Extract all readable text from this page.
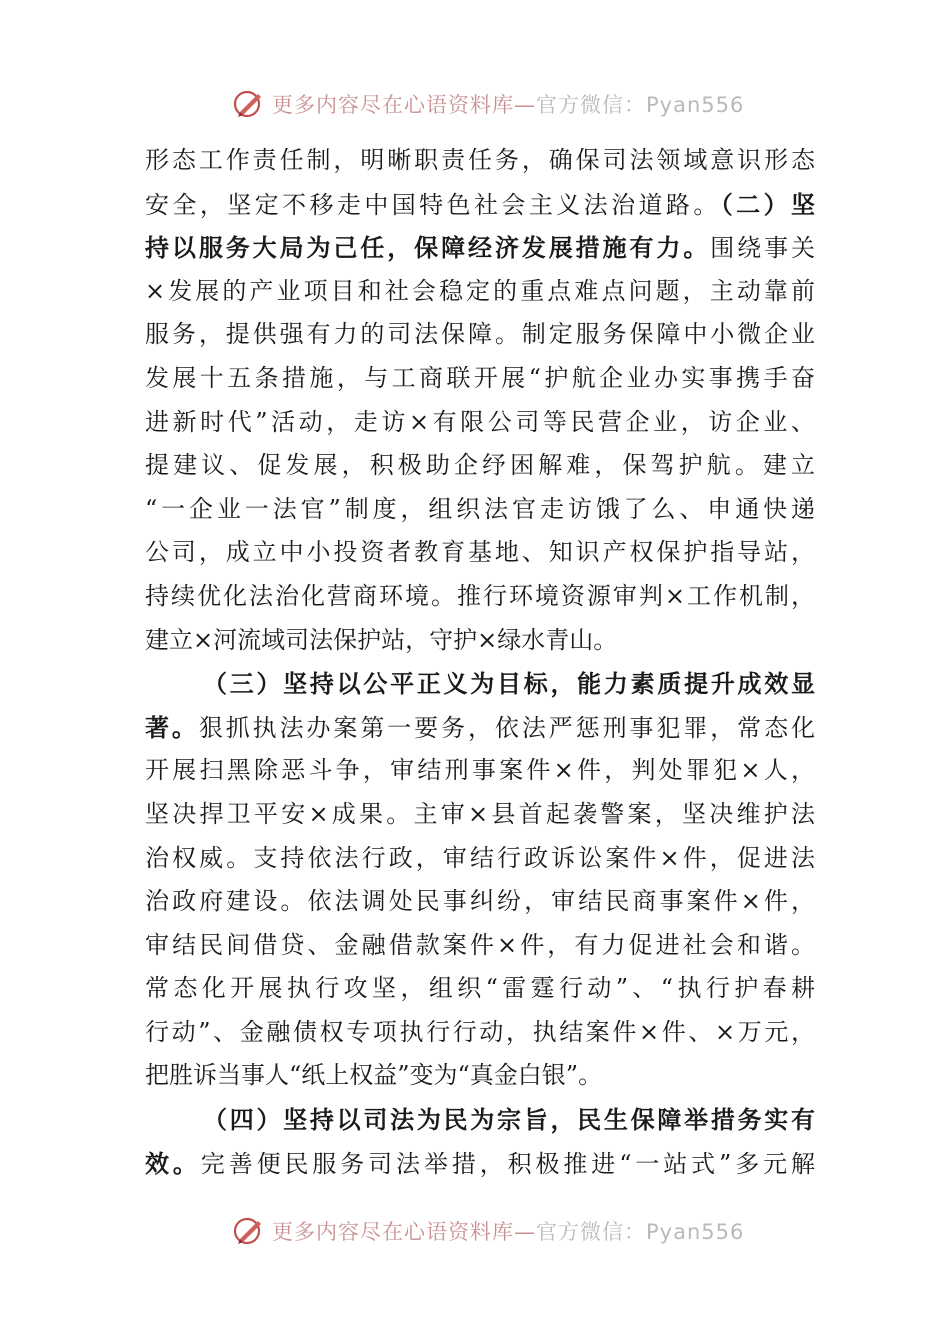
更多内容尽在心语资料库—官方微信：Pyan556
形态工作责任制，明晰职责任务，确保司法领域意识形态
安全，坚定不移走中国特色社会主义法治道路。（二）坚
持以服务大局为己任，保障经济发展措施有力。围绕事关
×发展的产业项目和社会稳定的重点难点问题，主动靠前
服务，提供强有力的司法保障。制定服务保障中小微企业
发展十五条措施，与工商联开展“护航企业办实事携手奋
进新时代”活动，走访×有限公司等民营企业，访企业、
提建议、促发展，积极助企纾困解难，保驾护航。建立
“一企业一法官”制度，组织法官走访饿了么、申通快递
公司，成立中小投资者教育基地、知识产权保护指导站，
持续优化法治化营商环境。推行环境资源审判×工作机制，
建立×河流域司法保护站，守护×绿水青山。
（三）坚持以公平正义为目标，能力素质提升成效显
著。狠抓执法办案第一要务，依法严惩刑事犯罪，常态化
开展扫黑除恶斗争，审结刑事案件×件，判处罪犯×人，
坚决捍卫平安×成果。主审×县首起袭警案，坚决维护法
治权威。支持依法行政，审结行政诉讼案件×件，促进法
治政府建设。依法调处民事纠纷，审结民商事案件×件，
审结民间借贷、金融借款案件×件，有力促进社会和谐。
常态化开展执行攻坚，组织“雷霆行动”、“执行护春耕
行动”、金融债权专项执行行动，执结案件×件、×万元，
把胜诉当事人“纸上权益”变为“真金白银”。
（四）坚持以司法为民为宗旨，民生保障举措务实有
效。完善便民服务司法举措，积极推进“一站式”多元解
更多内容尽在心语资料库—官方微信：Pyan556
